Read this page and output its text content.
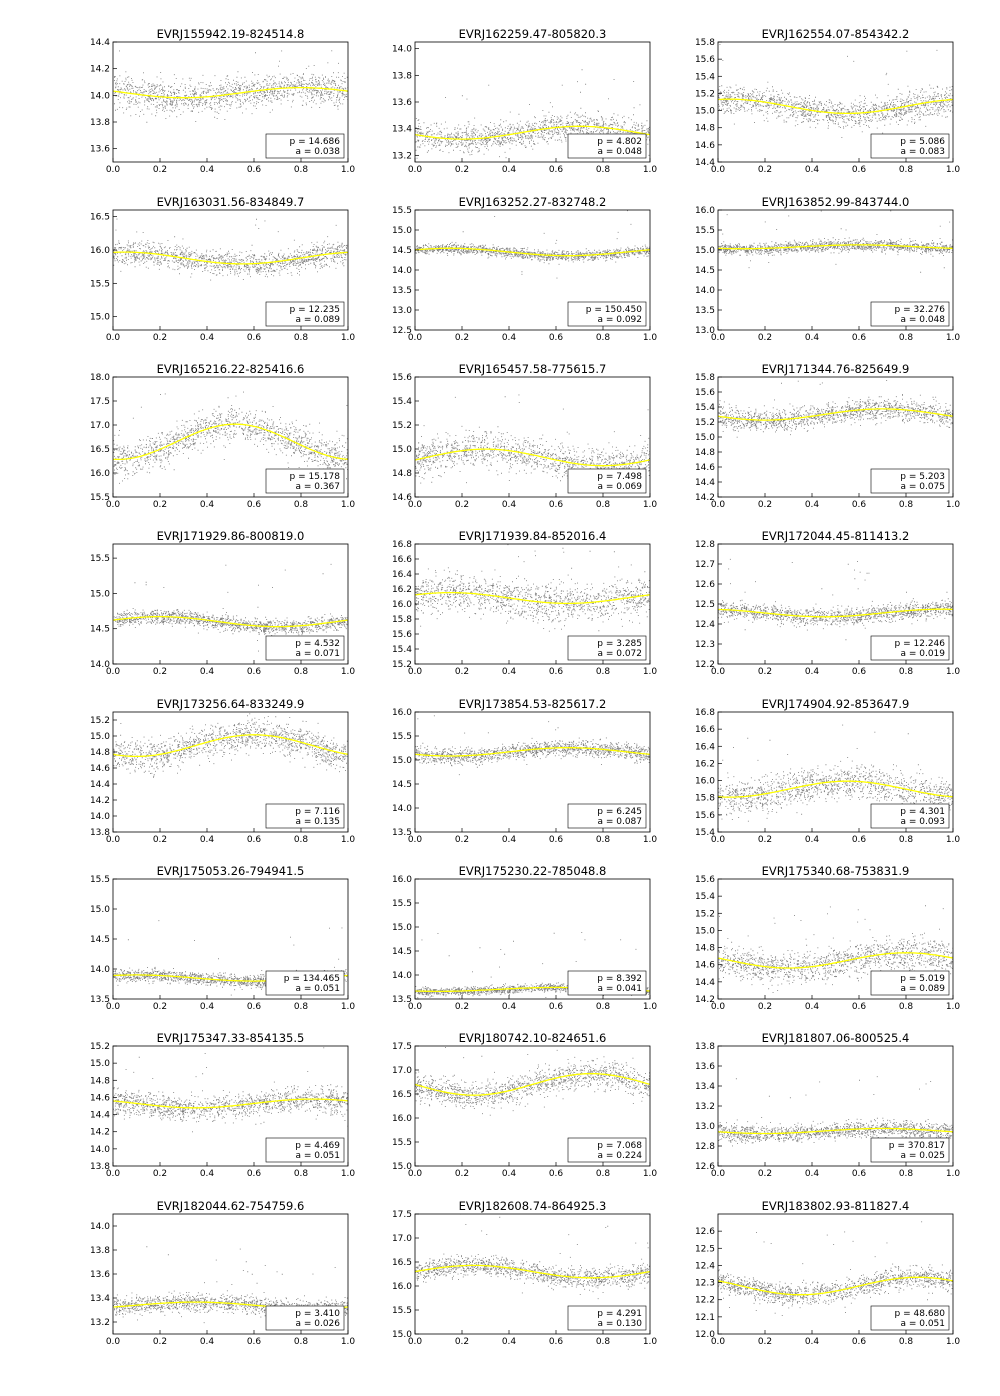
EVRJ155942.19-824514.8
0.0	0.2	0.4	0.6	0.8	1.0
13.6
13.8
14.0
14.2
14.4
p = 14.686
a = 0.038
EVRJ162259.47-805820.3
0.0	0.2	0.4	0.6	0.8	1.0
13.2
13.4
13.6
13.8
14.0
p = 4.802
a = 0.048
EVRJ162554.07-854342.2
0.0	0.2	0.4	0.6	0.8	1.0
14.4
14.6
14.8
15.0
15.2
15.4
15.6
15.8
p = 5.086
a = 0.083
EVRJ163031.56-834849.7
0.0	0.2	0.4	0.6	0.8	1.0
15.0
15.5
16.0
16.5
p = 12.235
a = 0.089
EVRJ163252.27-832748.2
0.0	0.2	0.4	0.6	0.8	1.0
12.5
13.0
13.5
14.0
14.5
15.0
15.5
p = 150.450
a = 0.092
EVRJ163852.99-843744.0
0.0	0.2	0.4	0.6	0.8	1.0
13.0
13.5
14.0
14.5
15.0
15.5
16.0
p = 32.276
a = 0.048
EVRJ165216.22-825416.6
0.0	0.2	0.4	0.6	0.8	1.0
15.5
16.0
16.5
17.0
17.5
18.0
p = 15.178
a = 0.367
EVRJ165457.58-775615.7
0.0	0.2	0.4	0.6	0.8	1.0
14.6
14.8
15.0
15.2
15.4
15.6
p = 7.498
a = 0.069
EVRJ171344.76-825649.9
0.0	0.2	0.4	0.6	0.8	1.0
14.2
14.4
14.6
14.8
15.0
15.2
15.4
15.6
15.8
p = 5.203
a = 0.075
EVRJ171929.86-800819.0
0.0	0.2	0.4	0.6	0.8	1.0
14.0
14.5
15.0
15.5
p = 4.532
a = 0.071
EVRJ171939.84-852016.4
0.0	0.2	0.4	0.6	0.8	1.0
15.2
15.4
15.6
15.8
16.0
16.2
16.4
16.6
16.8
p = 3.285
a = 0.072
EVRJ172044.45-811413.2
0.0	0.2	0.4	0.6	0.8	1.0
12.2
12.3
12.4
12.5
12.6
12.7
12.8
p = 12.246
a = 0.019
EVRJ173256.64-833249.9
0.0	0.2	0.4	0.6	0.8	1.0
13.8
14.0
14.2
14.4
14.6
14.8
15.0
15.2
p = 7.116
a = 0.135
EVRJ173854.53-825617.2
0.0	0.2	0.4	0.6	0.8	1.0
13.5
14.0
14.5
15.0
15.5
16.0
p = 6.245
a = 0.087
EVRJ174904.92-853647.9
0.0	0.2	0.4	0.6	0.8	1.0
15.4
15.6
15.8
16.0
16.2
16.4
16.6
16.8
p = 4.301
a = 0.093
EVRJ175053.26-794941.5
0.0	0.2	0.4	0.6	0.8	1.0
13.5
14.0
14.5
15.0
15.5
p = 134.465
a = 0.051
EVRJ175230.22-785048.8
0.0	0.2	0.4	0.6	0.8	1.0
13.5
14.0
14.5
15.0
15.5
16.0
p = 8.392
a = 0.041
EVRJ175340.68-753831.9
0.0	0.2	0.4	0.6	0.8	1.0
14.2
14.4
14.6
14.8
15.0
15.2
15.4
15.6
p = 5.019
a = 0.089
EVRJ175347.33-854135.5
0.0	0.2	0.4	0.6	0.8	1.0
13.8
14.0
14.2
14.4
14.6
14.8
15.0
15.2
p = 4.469
a = 0.051
EVRJ180742.10-824651.6
0.0	0.2	0.4	0.6	0.8	1.0
15.0
15.5
16.0
16.5
17.0
17.5
p = 7.068
a = 0.224
EVRJ181807.06-800525.4
0.0	0.2	0.4	0.6	0.8	1.0
12.6
12.8
13.0
13.2
13.4
13.6
13.8
p = 370.817
a = 0.025
EVRJ182044.62-754759.6
0.0	0.2	0.4	0.6	0.8	1.0
13.2
13.4
13.6
13.8
14.0
p = 3.410
a = 0.026
EVRJ182608.74-864925.3
0.0	0.2	0.4	0.6	0.8	1.0
15.0
15.5
16.0
16.5
17.0
17.5
p = 4.291
a = 0.130
EVRJ183802.93-811827.4
0.0	0.2	0.4	0.6	0.8	1.0
12.0
12.1
12.2
12.3
12.4
12.5
12.6
p = 48.680
a = 0.051
